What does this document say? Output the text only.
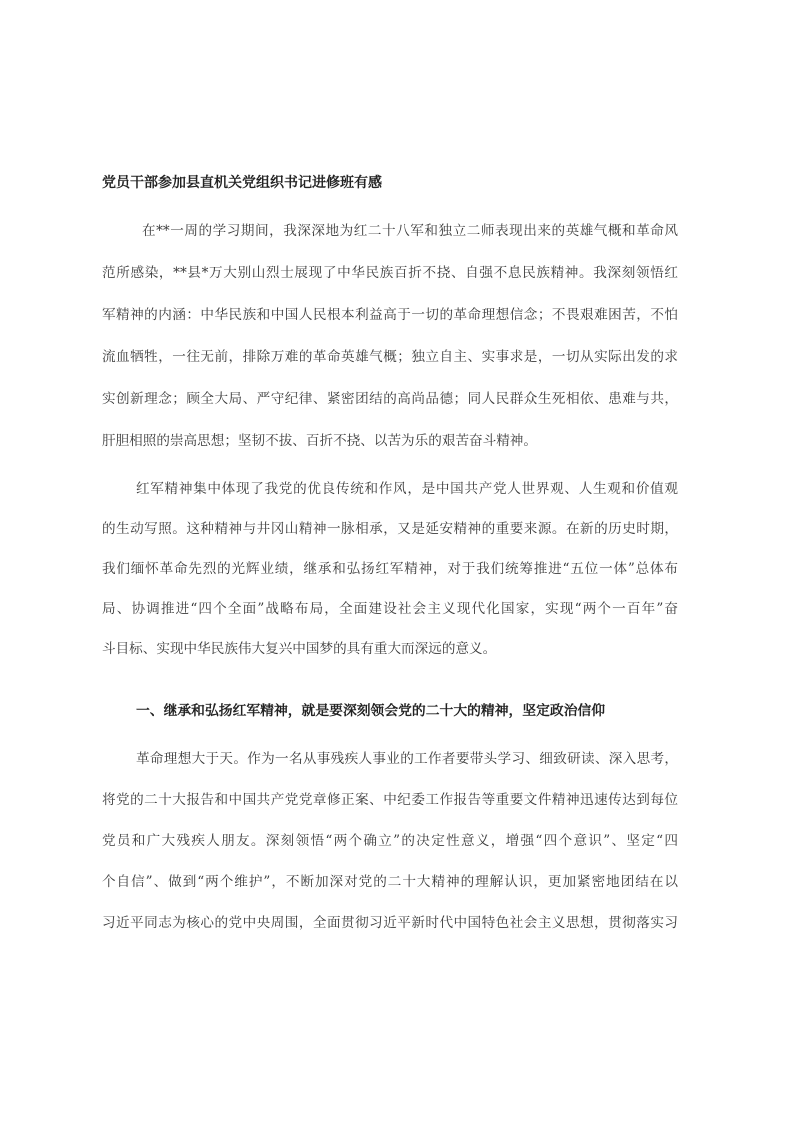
党员干部参加县直机关党组织书记进修班有感
在**一周的学习期间，我深深地为红二十八军和独立二师表现出来的英雄气概和革命风
范所感染，**县*万大别山烈士展现了中华民族百折不挠、自强不息民族精神。我深刻领悟红
军精神的内涵：中华民族和中国人民根本利益高于一切的革命理想信念；不畏艰难困苦，不怕
流血牺牲，一往无前，排除万难的革命英雄气概；独立自主、实事求是，一切从实际出发的求
实创新理念；顾全大局、严守纪律、紧密团结的高尚品德；同人民群众生死相依、患难与共，
肝胆相照的崇高思想；坚韧不拔、百折不挠、以苦为乐的艰苦奋斗精神。
红军精神集中体现了我党的优良传统和作风，是中国共产党人世界观、人生观和价值观
的生动写照。这种精神与井冈山精神一脉相承，又是延安精神的重要来源。在新的历史时期，
我们缅怀革命先烈的光辉业绩，继承和弘扬红军精神，对于我们统筹推进“五位一体”总体布
局、协调推进“四个全面”战略布局，全面建设社会主义现代化国家，实现“两个一百年”奋
斗目标、实现中华民族伟大复兴中国梦的具有重大而深远的意义。
一、继承和弘扬红军精神，就是要深刻领会党的二十大的精神，坚定政治信仰
革命理想大于天。作为一名从事残疾人事业的工作者要带头学习、细致研读、深入思考，
将党的二十大报告和中国共产党党章修正案、中纪委工作报告等重要文件精神迅速传达到每位
党员和广大残疾人朋友。深刻领悟“两个确立”的决定性意义，增强“四个意识”、坚定“四
个自信”、做到“两个维护”，不断加深对党的二十大精神的理解认识，更加紧密地团结在以
习近平同志为核心的党中央周围，全面贯彻习近平新时代中国特色社会主义思想，贯彻落实习
